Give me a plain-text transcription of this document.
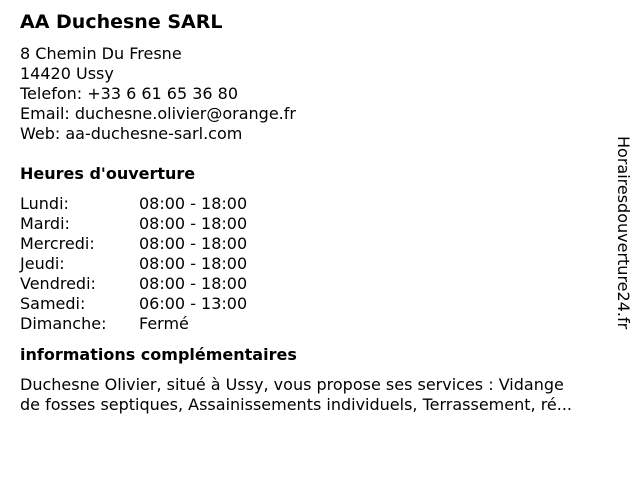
AA Duchesne SARL
8 Chemin Du Fresne
14420 Ussy
Telefon: +33 6 61 65 36 80
Email: duchesne.olivier@orange.fr
Web: aa-duchesne-sarl.com
Heures d'ouverture
Lundi:	08:00 - 18:00
Mardi:	08:00 - 18:00
Mercredi:	08:00 - 18:00
Jeudi:	08:00 - 18:00
Vendredi:	08:00 - 18:00
Samedi:	06:00 - 13:00
Dimanche:	Fermé
informations complémentaires
Duchesne Olivier, situé à Ussy, vous propose ses services : Vidange
de fosses septiques, Assainissements individuels, Terrassement, ré...
Horairesdouverture24.fr
